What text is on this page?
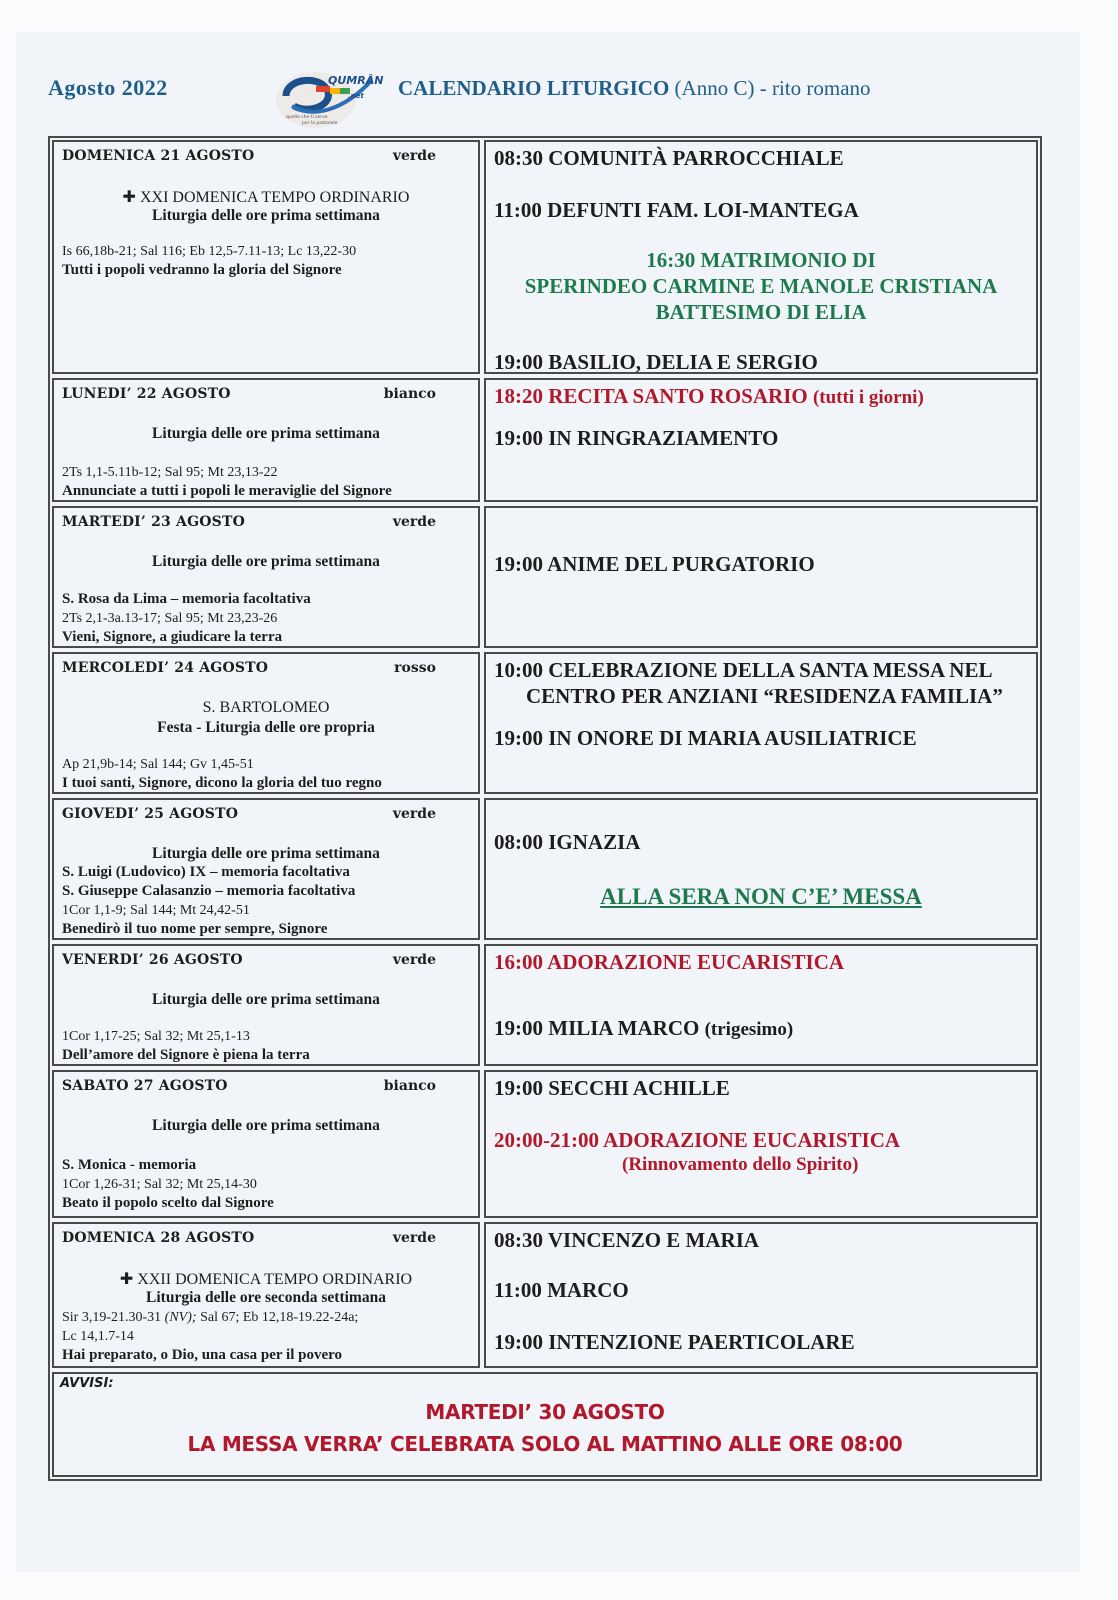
Agosto 2022	QUMRÂN
.net
quello che ti serve
per la pastorale
CALENDARIO LITURGICO (Anno C) - rito romano
DOMENICA 21 AGOSTO	verde
✚ XXI DOMENICA TEMPO ORDINARIO
Liturgia delle ore prima settimana
Is 66,18b-21; Sal 116; Eb 12,5-7.11-13; Lc 13,22-30
Tutti i popoli vedranno la gloria del Signore
08:30 COMUNITÀ PARROCCHIALE
11:00 DEFUNTI FAM. LOI-MANTEGA
16:30 MATRIMONIO DI
SPERINDEO CARMINE E MANOLE CRISTIANA
BATTESIMO DI ELIA
19:00 BASILIO, DELIA E SERGIO
LUNEDI’ 22 AGOSTO	bianco
Liturgia delle ore prima settimana
2Ts 1,1-5.11b-12; Sal 95; Mt 23,13-22
Annunciate a tutti i popoli le meraviglie del Signore
18:20 RECITA SANTO ROSARIO (tutti i giorni)
19:00 IN RINGRAZIAMENTO
MARTEDI’ 23 AGOSTO	verde
Liturgia delle ore prima settimana
S. Rosa da Lima – memoria facoltativa
2Ts 2,1-3a.13-17; Sal 95; Mt 23,23-26
Vieni, Signore, a giudicare la terra
19:00 ANIME DEL PURGATORIO
MERCOLEDI’ 24 AGOSTO	rosso
S. BARTOLOMEO
Festa - Liturgia delle ore propria
Ap 21,9b-14; Sal 144; Gv 1,45-51
I tuoi santi, Signore, dicono la gloria del tuo regno
10:00 CELEBRAZIONE DELLA SANTA MESSA NEL
CENTRO PER ANZIANI “RESIDENZA FAMILIA”
19:00 IN ONORE DI MARIA AUSILIATRICE
GIOVEDI’ 25 AGOSTO	verde
Liturgia delle ore prima settimana
S. Luigi (Ludovico) IX – memoria facoltativa
S. Giuseppe Calasanzio – memoria facoltativa
1Cor 1,1-9; Sal 144; Mt 24,42-51
Benedirò il tuo nome per sempre, Signore
08:00 IGNAZIA
ALLA SERA NON C’E’ MESSA
VENERDI’ 26 AGOSTO	verde
Liturgia delle ore prima settimana
1Cor 1,17-25; Sal 32; Mt 25,1-13
Dell’amore del Signore è piena la terra
16:00 ADORAZIONE EUCARISTICA
19:00 MILIA MARCO (trigesimo)
SABATO 27 AGOSTO	bianco
Liturgia delle ore prima settimana
S. Monica - memoria
1Cor 1,26-31; Sal 32; Mt 25,14-30
Beato il popolo scelto dal Signore
19:00 SECCHI ACHILLE
20:00-21:00 ADORAZIONE EUCARISTICA
(Rinnovamento dello Spirito)
DOMENICA 28 AGOSTO	verde
✚ XXII DOMENICA TEMPO ORDINARIO
Liturgia delle ore seconda settimana
Sir 3,19-21.30-31 (NV); Sal 67; Eb 12,18-19.22-24a;
Lc 14,1.7-14
Hai preparato, o Dio, una casa per il povero
08:30 VINCENZO E MARIA
11:00 MARCO
19:00 INTENZIONE PAERTICOLARE
AVVISI:
MARTEDI’ 30 AGOSTO
LA MESSA VERRA’ CELEBRATA SOLO AL MATTINO ALLE ORE 08:00
